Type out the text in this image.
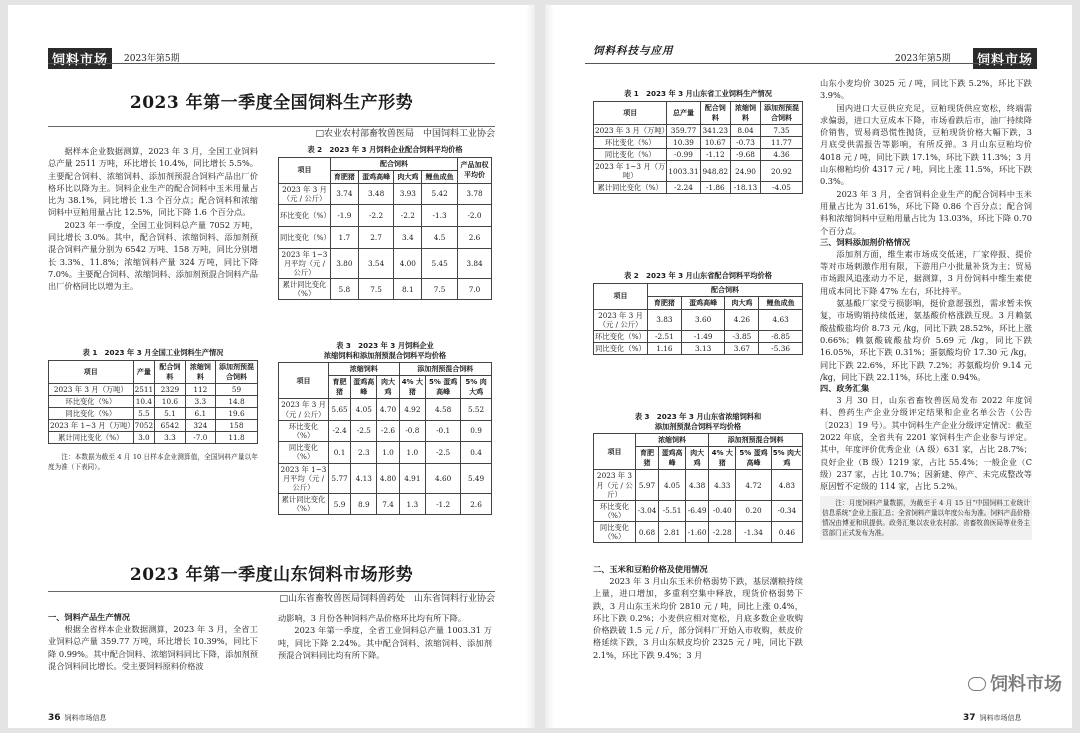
饲料市场	2023年第5期
2023 年第一季度全国饲料生产形势
□农业农村部畜牧兽医局　中国饲料工业协会

据样本企业数据测算，2023 年 3 月，全国工业饲料总产量 2511 万吨，环比增长 10.4%，同比增长 5.5%。主要配合饲料、浓缩饲料、添加剂预混合饲料产品出厂价格环比以降为主。饲料企业生产的配合饲料中玉米用量占比为 38.1%，同比增长 1.3 个百分点；配合饲料和浓缩饲料中豆粕用量占比 12.5%，同比下降 1.6 个百分点。

2023 年一季度，全国工业饲料总产量 7052 万吨，同比增长 3.0%。其中，配合饲料、浓缩饲料、添加剂预混合饲料产量分别为 6542 万吨、158 万吨，同比分别增长 3.3%、11.8%；浓缩饲料产量 324 万吨，同比下降 7.0%。主要配合饲料、浓缩饲料、添加剂预混合饲料产品出厂价格同比以增为主。

表 1　2023 年 3 月全国工业饲料生产情况
项目	产量	配合饲料	浓缩饲料	添加剂预混合饲料
2023 年 3 月（万吨）	2511	2329	112	59
环比变化（%）	10.4	10.6	3.3	14.8
同比变化（%）	5.5	5.1	6.1	19.6
2023 年 1~3 月（万吨）	7052	6542	324	158
累计同比变化（%）	3.0	3.3	-7.0	11.8
注：本数据为截至 4 月 10 日样本企业测算值，全国饲料产量以年度为准（下表同）。
表 2　2023 年 3 月饲料企业配合饲料平均价格
项目	配合饲料				产品加权平均价
	育肥猪	蛋鸡高峰	肉大鸡	鲤鱼成鱼	
2023 年 3 月（元 / 公斤）	3.74	3.48	3.93	5.42	3.78
环比变化（%）	-1.9	-2.2	-2.2	-1.3	-2.0
同比变化（%）	1.7	2.7	3.4	4.5	2.6
2023 年 1~3 月平均（元 / 公斤）	3.80	3.54	4.00	5.45	3.84
累计同比变化（%）	5.8	7.5	8.1	7.5	7.0
表 3　2023 年 3 月饲料企业
浓缩饲料和添加剂预混合饲料平均价格
项目	浓缩饲料			添加剂预混合饲料		
	育肥猪	蛋鸡高峰	肉大鸡	4% 大猪	5% 蛋鸡高峰	5% 肉大鸡
2023 年 3 月（元 / 公斤）	5.65	4.05	4.70	4.92	4.58	5.52
环比变化（%）	-2.4	-2.5	-2.6	-0.8	-0.1	0.9
同比变化（%）	0.1	2.3	1.0	1.0	-2.5	0.4
2023 年 1~3 月平均（元 / 公斤）	5.77	4.13	4.80	4.91	4.60	5.49
累计同比变化（%）	5.9	8.9	7.4	1.3	-1.2	2.6
2023 年第一季度山东饲料市场形势
□山东省畜牧兽医局饲料兽药处　山东省饲料行业协会
一、饲料产品生产情况

根据全省样本企业数据测算，2023 年 3 月，全省工业饲料总产量 359.77 万吨，环比增长 10.39%，同比下降 0.99%。其中配合饲料、浓缩饲料同比下降，添加剂预混合饲料同比增长。受主要饲料原料价格波

动影响，3 月份各种饲料产品价格环比均有所下降。

2023 年第一季度，全省工业饲料总产量 1003.31 万吨，同比下降 2.24%。其中配合饲料、浓缩饲料、添加剂预混合饲料同比均有所下降。

36 饲料市场信息
饲料科技与应用
2023年第5期	饲料市场
表 1　2023 年 3 月山东省工业饲料生产情况
项目	总产量	配合饲料	浓缩饲料	添加剂预混合饲料
2023 年 3 月（万吨）	359.77	341.23	8.04	7.35
环比变化（%）	10.39	10.67	-0.73	11.77
同比变化（%）	-0.99	-1.12	-9.68	4.36
2023 年 1~3 月（万吨）	1003.31	948.82	24.90	20.92
累计同比变化（%）	-2.24	-1.86	-18.13	-4.05
表 2　2023 年 3 月山东省配合饲料平均价格
项目	配合饲料			
	育肥猪	蛋鸡高峰	肉大鸡	鲤鱼成鱼
2023 年 3 月（元 / 公斤）	3.83	3.60	4.26	4.63
环比变化（%）	-2.51	-1.49	-3.85	-8.85
同比变化（%）	1.16	3.13	3.67	-5.36
表 3　2023 年 3 月山东省浓缩饲料和
添加剂预混合饲料平均价格
项目	浓缩饲料			添加剂预混合饲料		
	育肥猪	蛋鸡高峰	肉大鸡	4% 大猪	5% 蛋鸡高峰	5% 肉大鸡
2023 年 3 月（元 / 公斤）	5.97	4.05	4.38	4.33	4.72	4.83
环比变化（%）	-3.04	-5.51	-6.49	-0.40	0.20	-0.34
同比变化（%）	0.68	2.81	-1.60	-2.28	-1.34	0.46
二、玉米和豆粕价格及使用情况

2023 年 3 月山东玉米价格弱势下跌，基层潮粮持续上量，进口增加，多重利空集中释放，现货价格弱势下跌，3 月山东玉米均价 2810 元 / 吨，同比上涨 0.4%，环比下跌 0.2%；小麦供应相对宽松，月底多数企业收购价格跌破 1.5 元 / 斤，部分饲料厂开始入市收购，麸皮价格延续下跌，3 月山东麸皮均价 2325 元 / 吨，同比下跌 2.1%，环比下跌 9.4%；3 月

山东小麦均价 3025 元 / 吨，同比下跌 5.2%，环比下跌 3.9%。

国内进口大豆供应充足，豆粕现货供应宽松，终端需求偏弱，进口大豆成本下降，市场看跌后市，油厂持续降价销售，贸易商恐慌性抛货，豆粕现货价格大幅下跌，3 月底受供需报告等影响，有所反弹。3 月山东豆粕均价 4018 元 / 吨，同比下跌 17.1%，环比下跌 11.3%；3 月山东棉粕均价 4317 元 / 吨，同比上涨 11.5%，环比下跌 0.3%。

2023 年 3 月，全省饲料企业生产的配合饲料中玉米用量占比为 31.61%，环比下降 0.86 个百分点；配合饲料和浓缩饲料中豆粕用量占比为 13.03%，环比下降 0.70 个百分点。

三、饲料添加剂价格情况

添加剂方面，维生素市场成交低迷，厂家停报、提价等对市场刺激作用有限，下游用户小批量补货为主；贸易市场跟风追涨动力不足，据测算，3 月份饲料中维生素使用成本同比下降 47% 左右，环比持平。

氨基酸厂家受亏损影响，挺价意愿强烈，需求暂未恢复，市场购销持续低迷，氨基酸价格涨跌互现。3 月赖氨酸盐酸盐均价 8.73 元 /kg，同比下跌 28.52%，环比上涨 0.66%；赖氨酸硫酸盐均价 5.69 元 /kg，同比下跌 16.05%，环比下跌 0.31%；蛋氨酸均价 17.30 元 /kg，同比下跌 22.6%，环比下跌 7.2%；苏氨酸均价 9.14 元 /kg，同比下跌 22.11%，环比上涨 0.94%。

四、政务汇集

3 月 30 日，山东省畜牧兽医局发布 2022 年度饲料、兽药生产企业分级评定结果和企业名单公告（公告〔2023〕19 号）。其中饲料生产企业分级评定情况：截至 2022 年底，全省共有 2201 家饲料生产企业参与评定。其中，年度评价优秀企业（A 级）631 家，占比 28.7%；良好企业（B 级）1219 家，占比 55.4%；一般企业（C 级）237 家，占比 10.7%；因新建、停产、未完成整改等原因暂不定级的 114 家，占比 5.2%。

注：月度饲料产量数据，为截至于 4 月 15 日“中国饲料工业统计信息系统”企业上报汇总；全省饲料产量以年度公布为准。饲料产品价格情况由博亚和讯提供。政务汇集以农业农村部、省畜牧兽医局等业务主管部门正式发布为准。
饲料市场
37 饲料市场信息
